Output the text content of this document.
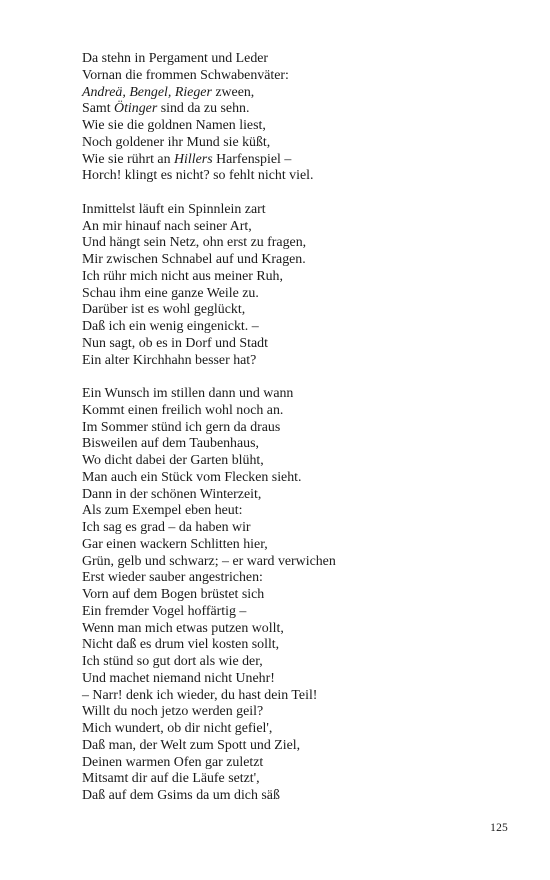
Da stehn in Pergament und Leder
Vornan die frommen Schwabenväter:
Andreä, Bengel, Rieger zween,
Samt Ötinger sind da zu sehn.
Wie sie die goldnen Namen liest,
Noch goldener ihr Mund sie küßt,
Wie sie rührt an Hillers Harfenspiel –
Horch! klingt es nicht? so fehlt nicht viel.
Inmittelst läuft ein Spinnlein zart
An mir hinauf nach seiner Art,
Und hängt sein Netz, ohn erst zu fragen,
Mir zwischen Schnabel auf und Kragen.
Ich rühr mich nicht aus meiner Ruh,
Schau ihm eine ganze Weile zu.
Darüber ist es wohl geglückt,
Daß ich ein wenig eingenickt. –
Nun sagt, ob es in Dorf und Stadt
Ein alter Kirchhahn besser hat?
Ein Wunsch im stillen dann und wann
Kommt einen freilich wohl noch an.
Im Sommer stünd ich gern da draus
Bisweilen auf dem Taubenhaus,
Wo dicht dabei der Garten blüht,
Man auch ein Stück vom Flecken sieht.
Dann in der schönen Winterzeit,
Als zum Exempel eben heut:
Ich sag es grad – da haben wir
Gar einen wackern Schlitten hier,
Grün, gelb und schwarz; – er ward verwichen
Erst wieder sauber angestrichen:
Vorn auf dem Bogen brüstet sich
Ein fremder Vogel hoffärtig –
Wenn man mich etwas putzen wollt,
Nicht daß es drum viel kosten sollt,
Ich stünd so gut dort als wie der,
Und machet niemand nicht Unehr!
– Narr! denk ich wieder, du hast dein Teil!
Willt du noch jetzo werden geil?
Mich wundert, ob dir nicht gefiel',
Daß man, der Welt zum Spott und Ziel,
Deinen warmen Ofen gar zuletzt
Mitsamt dir auf die Läufe setzt',
Daß auf dem Gsims da um dich säß
125
